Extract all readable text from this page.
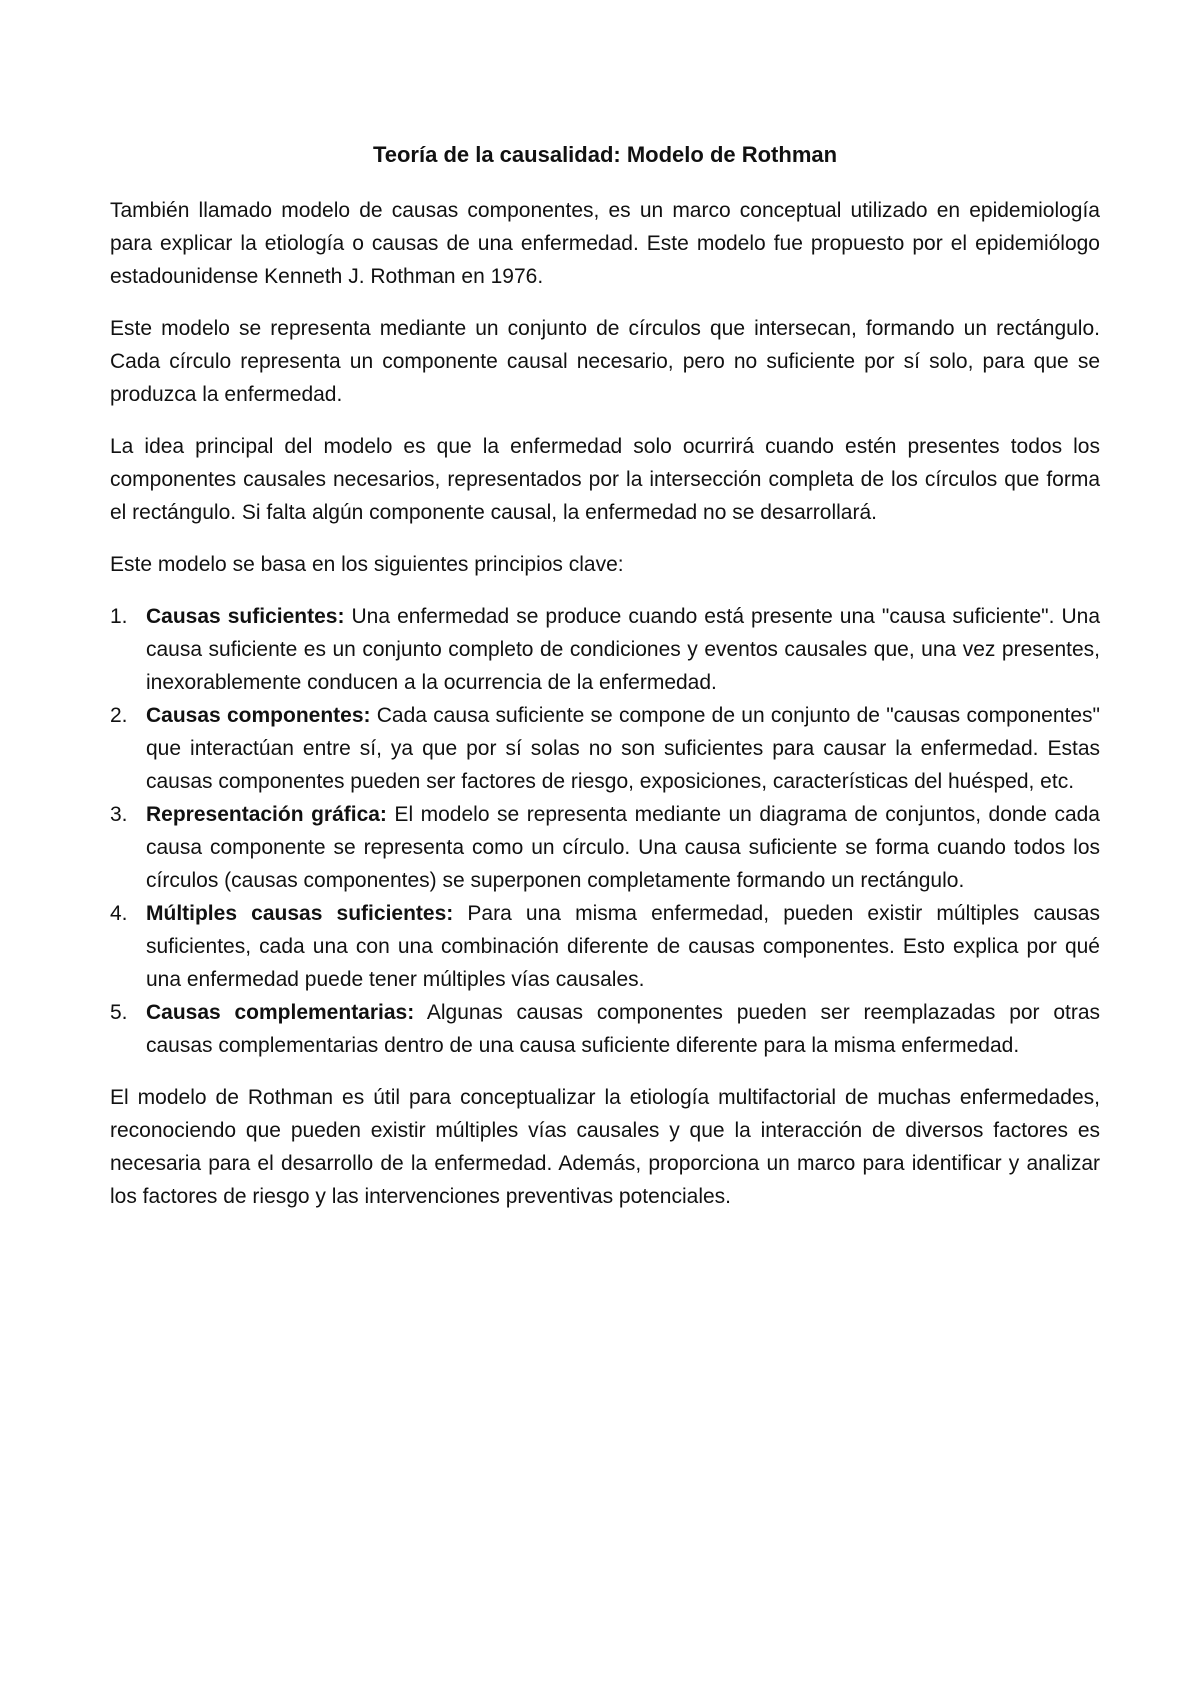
Teoría de la causalidad: Modelo de Rothman

También llamado modelo de causas componentes, es un marco conceptual utilizado en epidemiología para explicar la etiología o causas de una enfermedad. Este modelo fue propuesto por el epidemiólogo estadounidense Kenneth J. Rothman en 1976.

Este modelo se representa mediante un conjunto de círculos que intersecan, formando un rectángulo. Cada círculo representa un componente causal necesario, pero no suficiente por sí solo, para que se produzca la enfermedad.

La idea principal del modelo es que la enfermedad solo ocurrirá cuando estén presentes todos los componentes causales necesarios, representados por la intersección completa de los círculos que forma el rectángulo. Si falta algún componente causal, la enfermedad no se desarrollará.

Este modelo se basa en los siguientes principios clave:

1. Causas suficientes: Una enfermedad se produce cuando está presente una "causa suficiente". Una causa suficiente es un conjunto completo de condiciones y eventos causales que, una vez presentes, inexorablemente conducen a la ocurrencia de la enfermedad.
2. Causas componentes: Cada causa suficiente se compone de un conjunto de "causas componentes" que interactúan entre sí, ya que por sí solas no son suficientes para causar la enfermedad. Estas causas componentes pueden ser factores de riesgo, exposiciones, características del huésped, etc.
3. Representación gráfica: El modelo se representa mediante un diagrama de conjuntos, donde cada causa componente se representa como un círculo. Una causa suficiente se forma cuando todos los círculos (causas componentes) se superponen completamente formando un rectángulo.
4. Múltiples causas suficientes: Para una misma enfermedad, pueden existir múltiples causas suficientes, cada una con una combinación diferente de causas componentes. Esto explica por qué una enfermedad puede tener múltiples vías causales.
5. Causas complementarias: Algunas causas componentes pueden ser reemplazadas por otras causas complementarias dentro de una causa suficiente diferente para la misma enfermedad.

El modelo de Rothman es útil para conceptualizar la etiología multifactorial de muchas enfermedades, reconociendo que pueden existir múltiples vías causales y que la interacción de diversos factores es necesaria para el desarrollo de la enfermedad. Además, proporciona un marco para identificar y analizar los factores de riesgo y las intervenciones preventivas potenciales.
